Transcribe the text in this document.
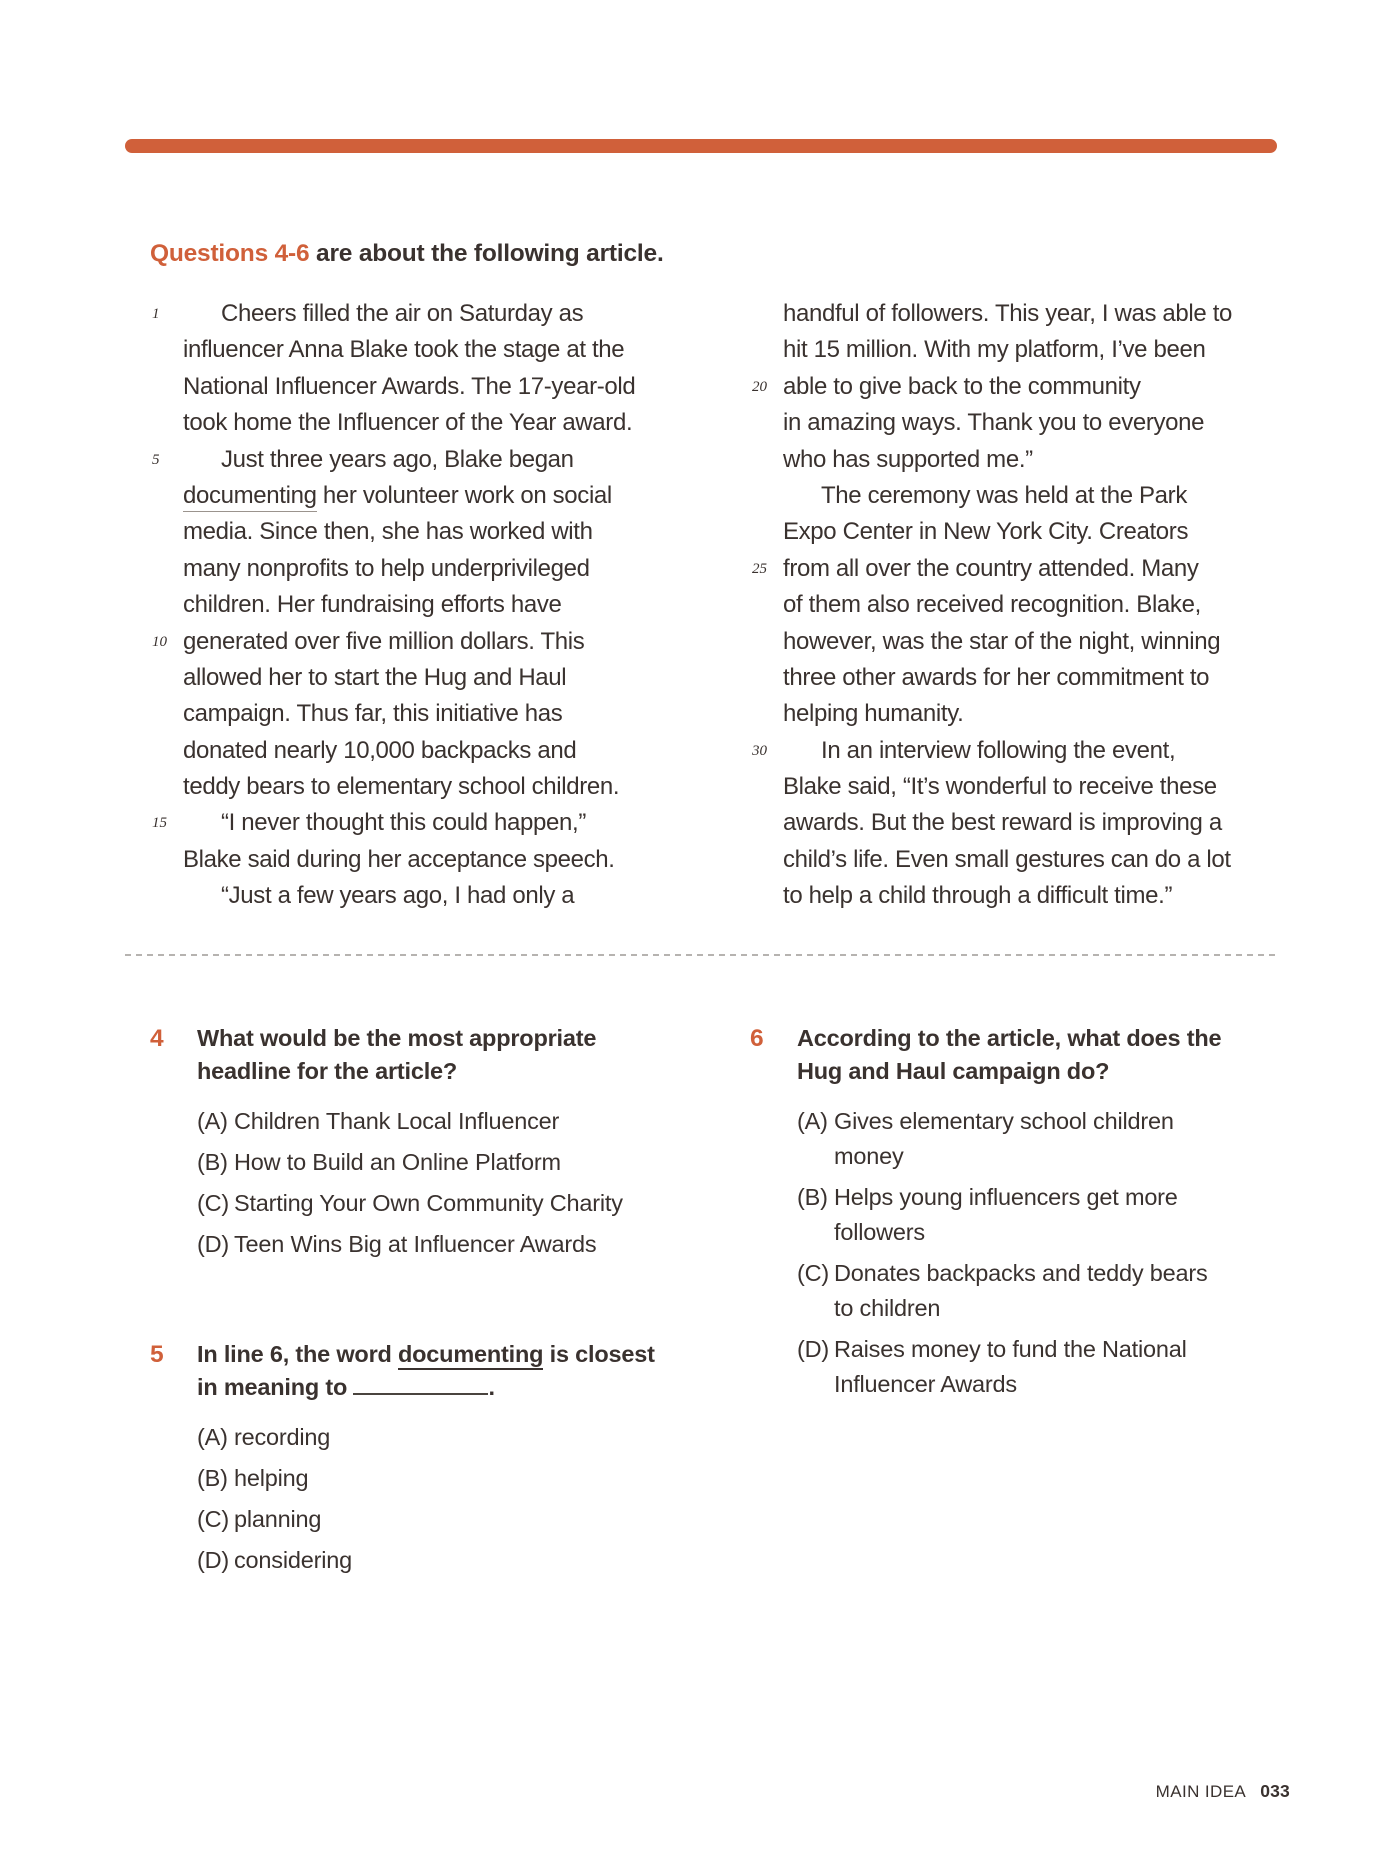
Questions 4-6 are about the following article.
1	Cheers filled the air on Saturday as
influencer Anna Blake took the stage at the
National Influencer Awards. The 17-year-old
took home the Influencer of the Year award.
5	Just three years ago, Blake began
documenting her volunteer work on social
media. Since then, she has worked with
many nonprofits to help underprivileged
children. Her fundraising efforts have
10 generated over five million dollars. This
allowed her to start the Hug and Haul
campaign. Thus far, this initiative has
donated nearly 10,000 backpacks and
teddy bears to elementary school children.
15	“I never thought this could happen,”
Blake said during her acceptance speech.
“Just a few years ago, I had only a
handful of followers. This year, I was able to
hit 15 million. With my platform, I’ve been
20 able to give back to the community
in amazing ways. Thank you to everyone
who has supported me.”
The ceremony was held at the Park
Expo Center in New York City. Creators
25 from all over the country attended. Many
of them also received recognition. Blake,
however, was the star of the night, winning
three other awards for her commitment to
helping humanity.
30	In an interview following the event,
Blake said, “It’s wonderful to receive these
awards. But the best reward is improving a
child’s life. Even small gestures can do a lot
to help a child through a difficult time.”
4 What would be the most appropriate
headline for the article?
(A) Children Thank Local Influencer
(B) How to Build an Online Platform
(C) Starting Your Own Community Charity
(D) Teen Wins Big at Influencer Awards
5 In line 6, the word documenting is closest
in meaning to	.
(A) recording
(B) helping
(C) planning
(D) considering
6 According to the article, what does the
Hug and Haul campaign do?
(A) Gives elementary school children
money
(B) Helps young influencers get more
followers
(C) Donates backpacks and teddy bears
to children
(D) Raises money to fund the National
Influencer Awards
MAIN IDEA 033
